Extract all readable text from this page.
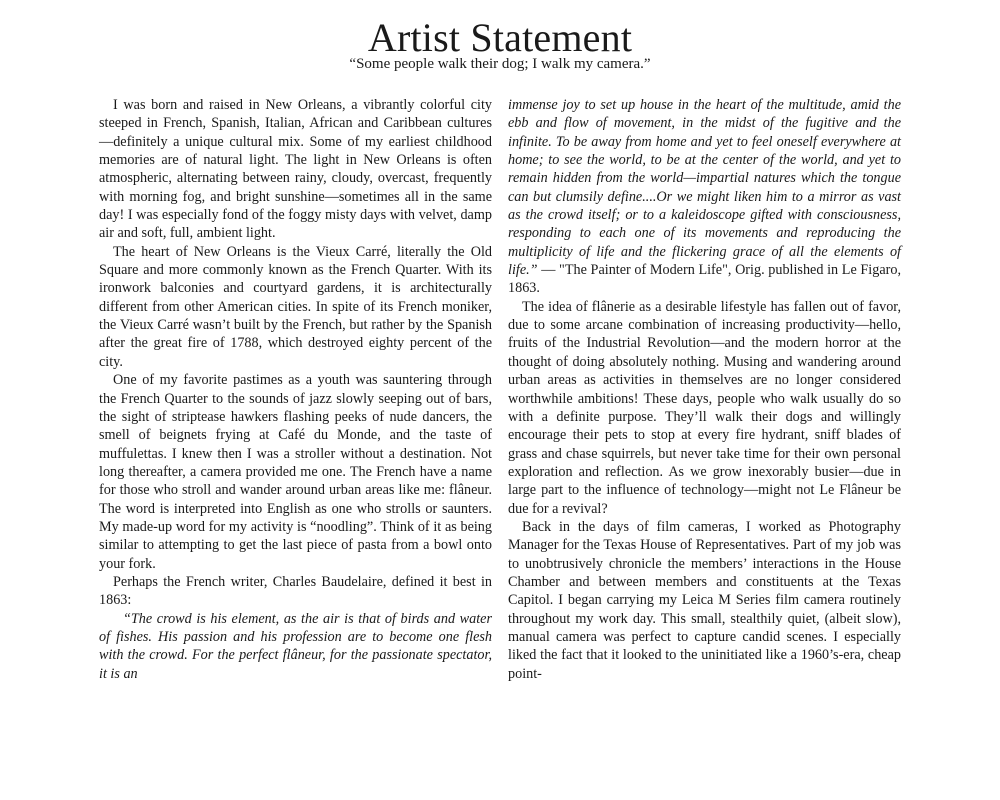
Artist Statement
“Some people walk their dog; I walk my camera.”

I was born and raised in New Orleans, a vibrantly colorful city steeped in French, Spanish, Italian, African and Caribbean cultures—definitely a unique cultural mix. Some of my earliest childhood memories are of natural light. The light in New Orleans is often atmospheric, alternating between rainy, cloudy, overcast, frequently with morning fog, and bright sunshine—sometimes all in the same day! I was especially fond of the foggy misty days with velvet, damp air and soft, full, ambient light.

The heart of New Orleans is the Vieux Carré, literally the Old Square and more commonly known as the French Quarter. With its ironwork balconies and courtyard gardens, it is architecturally different from other American cities. In spite of its French moniker, the Vieux Carré wasn’t built by the French, but rather by the Spanish after the great fire of 1788, which destroyed eighty percent of the city.

One of my favorite pastimes as a youth was sauntering through the French Quarter to the sounds of jazz slowly seeping out of bars, the sight of striptease hawkers flashing peeks of nude dancers, the smell of beignets frying at Café du Monde, and the taste of muffulettas. I knew then I was a stroller without a destination. Not long thereafter, a camera provided me one. The French have a name for those who stroll and wander around urban areas like me: flâneur. The word is interpreted into English as one who strolls or saunters. My made-up word for my activity is “noodling”. Think of it as being similar to attempting to get the last piece of pasta from a bowl onto your fork.

Perhaps the French writer, Charles Baudelaire, defined it best in 1863:

“The crowd is his element, as the air is that of birds and water of fishes. His passion and his profession are to become one flesh with the crowd. For the perfect flâneur, for the passionate spectator, it is an

immense joy to set up house in the heart of the multitude, amid the ebb and flow of movement, in the midst of the fugitive and the infinite. To be away from home and yet to feel oneself everywhere at home; to see the world, to be at the center of the world, and yet to remain hidden from the world—impartial natures which the tongue can but clumsily define....Or we might liken him to a mirror as vast as the crowd itself; or to a kaleidoscope gifted with consciousness, responding to each one of its movements and reproducing the multiplicity of life and the flickering grace of all the elements of life.” — "The Painter of Modern Life", Orig. published in Le Figaro, 1863.

The idea of flânerie as a desirable lifestyle has fallen out of favor, due to some arcane combination of increasing productivity—hello, fruits of the Industrial Revolution—and the modern horror at the thought of doing absolutely nothing. Musing and wandering around urban areas as activities in themselves are no longer considered worthwhile ambitions! These days, people who walk usually do so with a definite purpose. They’ll walk their dogs and willingly encourage their pets to stop at every fire hydrant, sniff blades of grass and chase squirrels, but never take time for their own personal exploration and reflection. As we grow inexorably busier—due in large part to the influence of technology—might not Le Flâneur be due for a revival?

Back in the days of film cameras, I worked as Photography Manager for the Texas House of Representatives. Part of my job was to unobtrusively chronicle the members’ interactions in the House Chamber and between members and constituents at the Texas Capitol. I began carrying my Leica M Series film camera routinely throughout my work day. This small, stealthily quiet, (albeit slow), manual camera was perfect to capture candid scenes. I especially liked the fact that it looked to the uninitiated like a 1960’s-era, cheap point-
